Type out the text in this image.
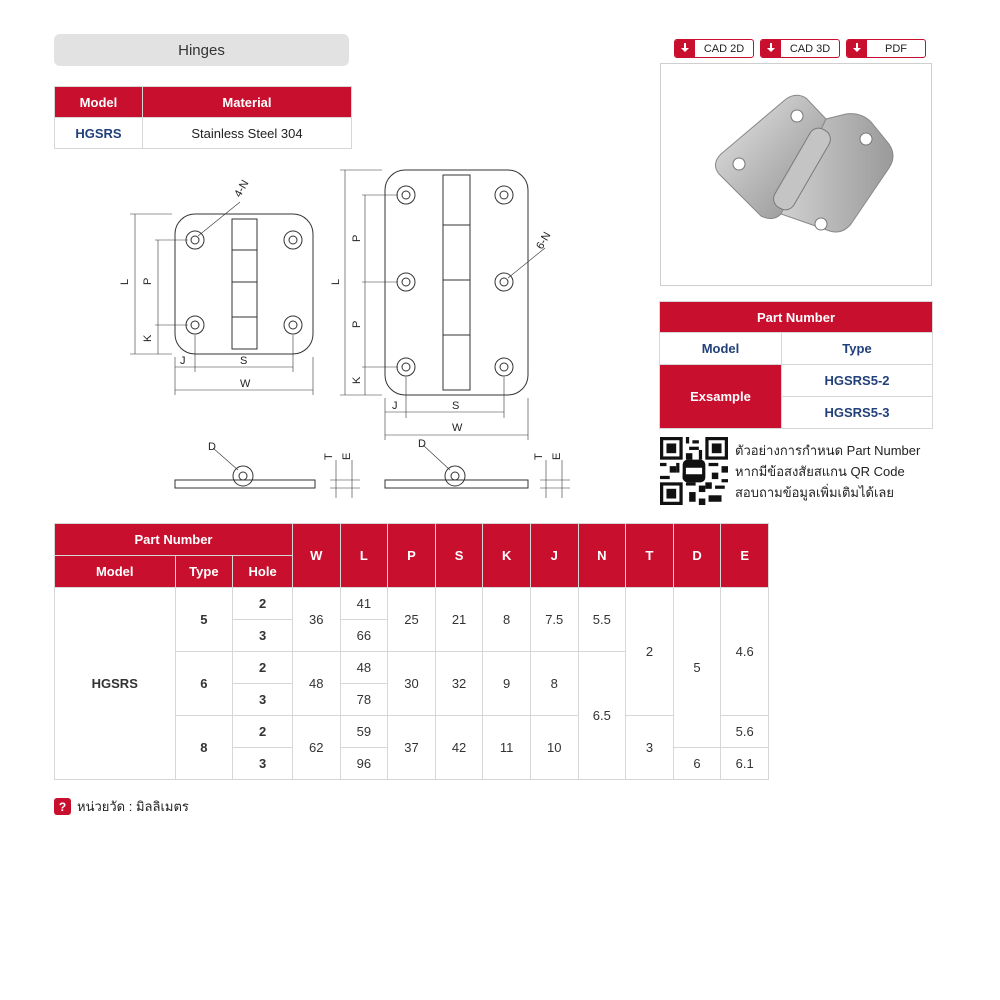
Hinges
Model	Material
HGSRS	Stainless Steel 304
CAD 2D	CAD 3D	PDF
4-N
L P
K
J	S
W
D
T E
6-N
L
P
P
K
J	S
W
D
T E
Part Number	
Model	Type
Exsample	HGSRS5-2
	HGSRS5-3
ตัวอย่างการกำหนด Part Number
หากมีข้อสงสัยสแกน QR Code
สอบถามข้อมูลเพิ่มเติมได้เลย
Part Number			W	L	P	S	K	J	N	T	D	E
Model	Type	Hole										
HGSRS	5	2	36	41	25	21	8	7.5	5.5	2	5	4.6
		3		66								
	6	2	48	48	30	32	9	8	6.5			
		3		78								
	8	2	62	59	37	42	11	10		3		5.6
		3		96							6	6.1
? หน่วยวัด : มิลลิเมตร
